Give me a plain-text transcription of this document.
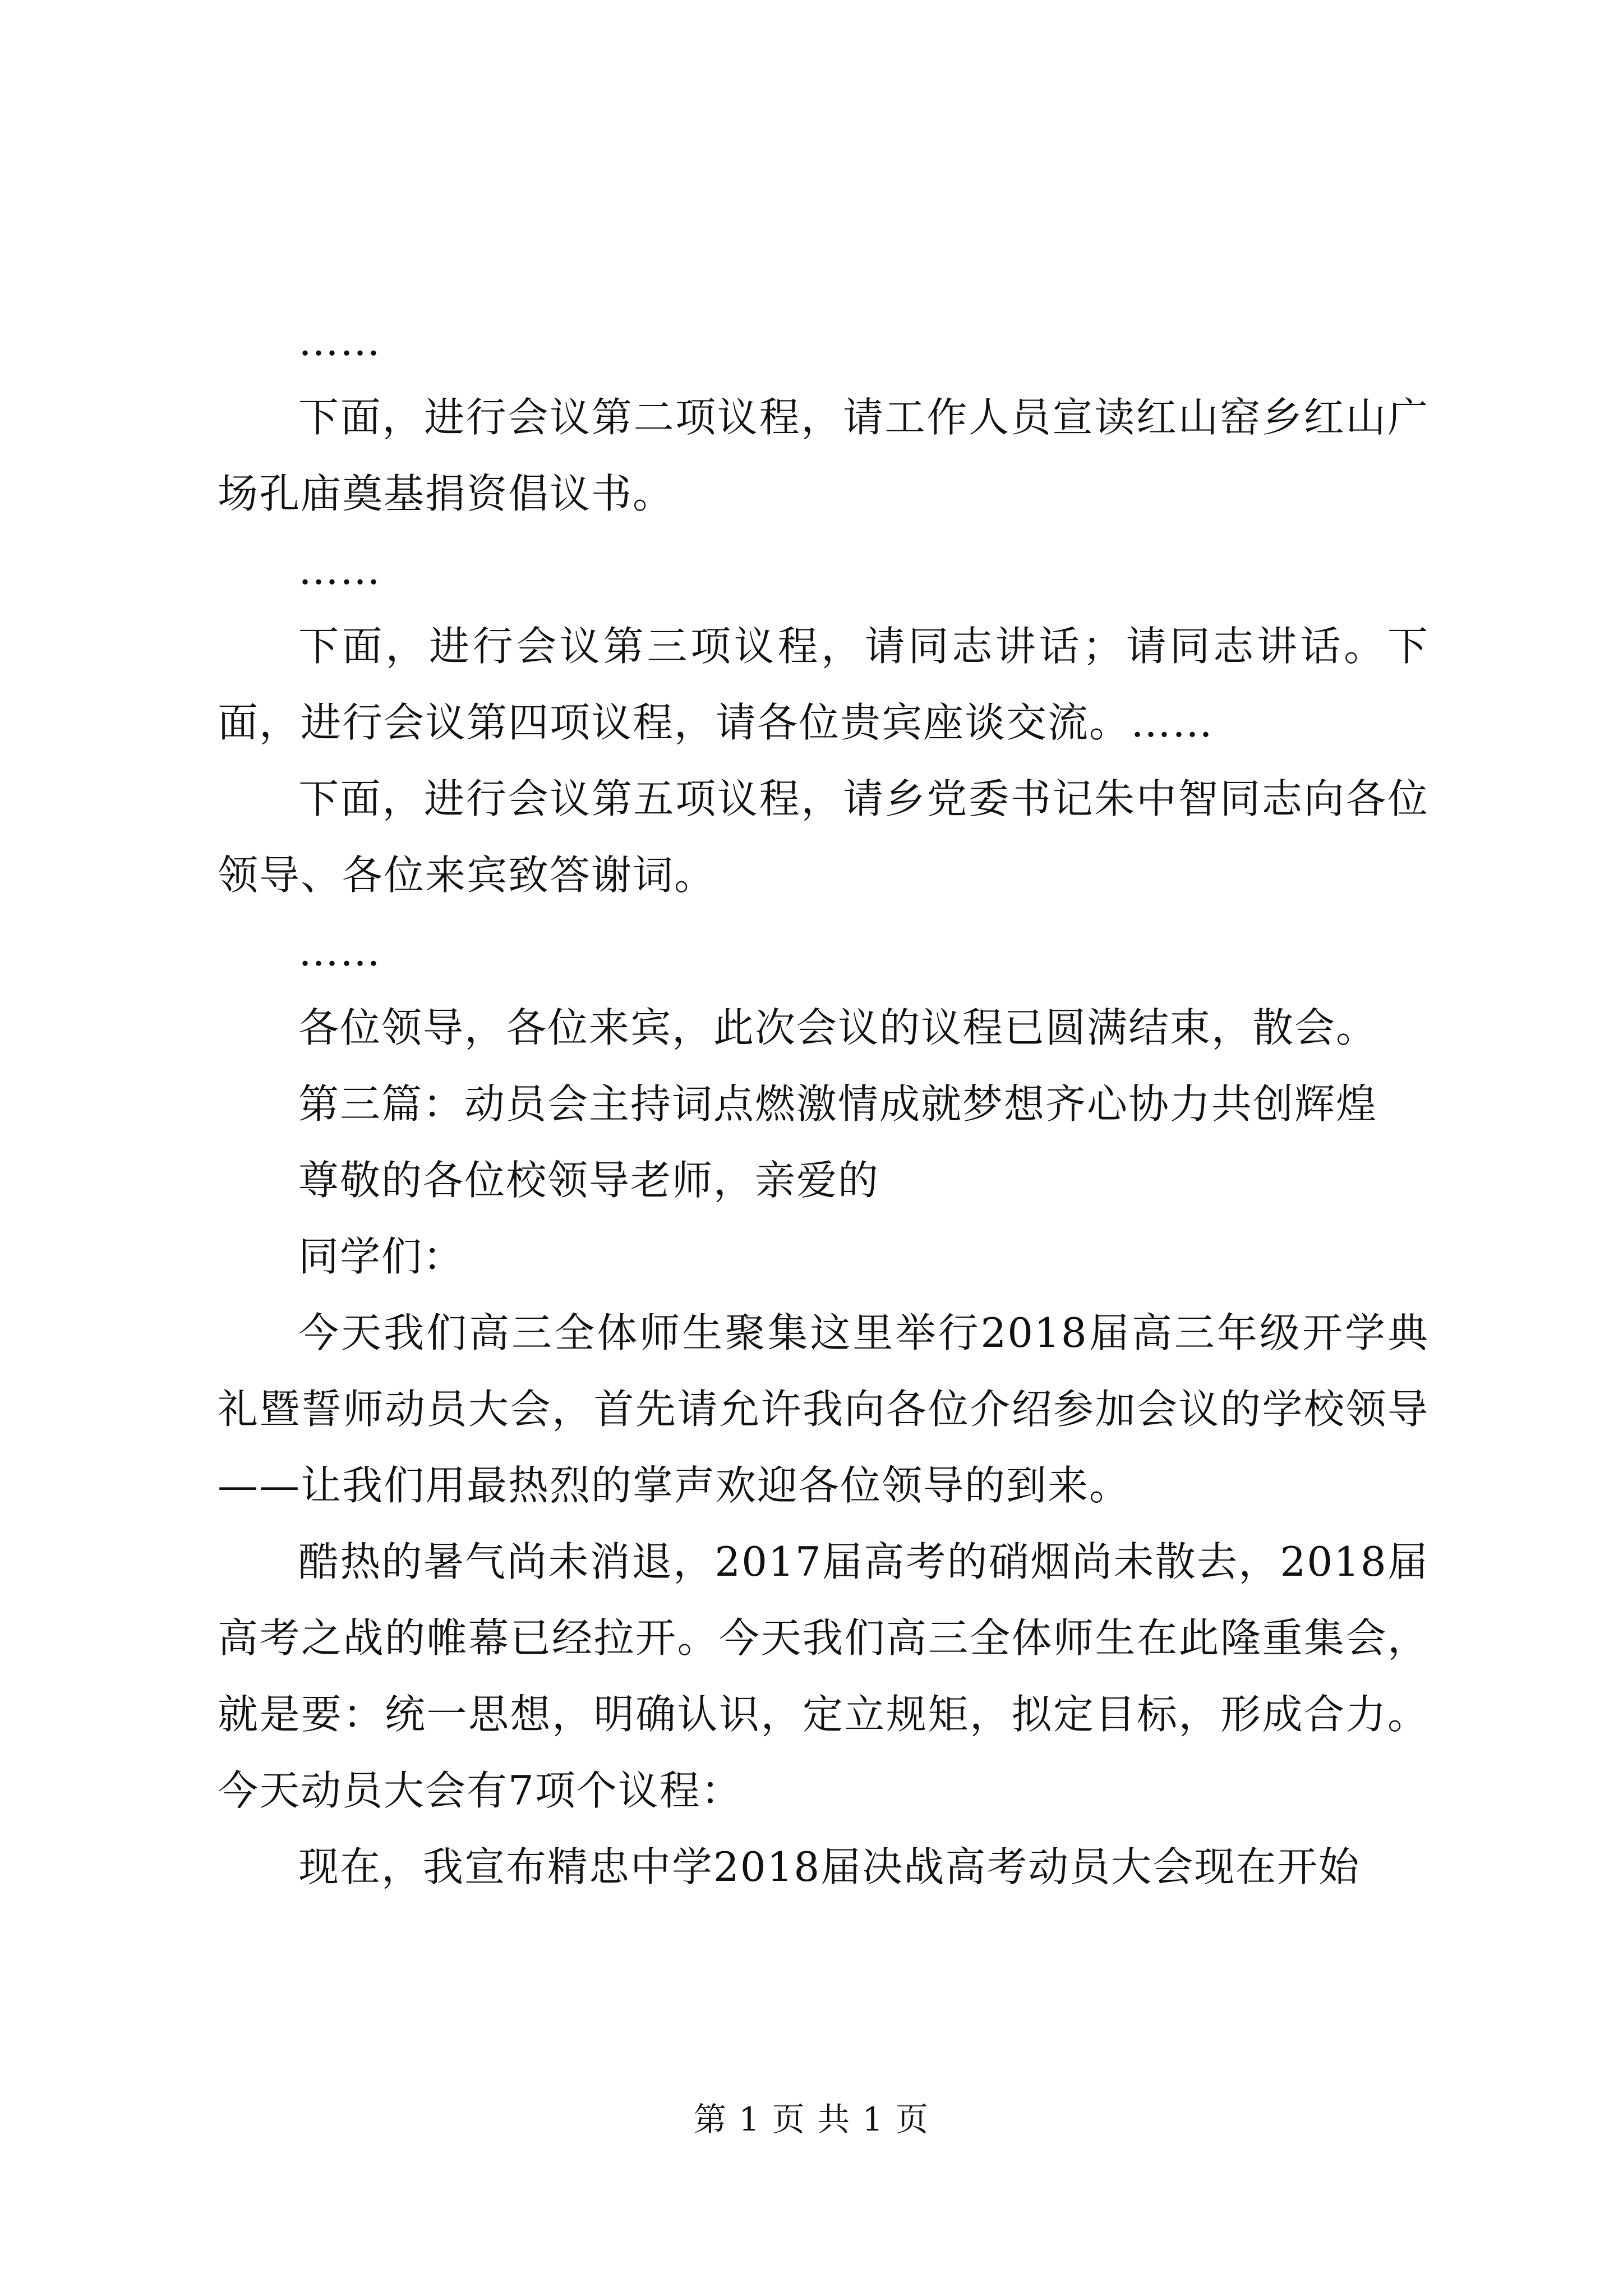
……

下面，进行会议第二项议程，请工作人员宣读红山窑乡红山广场孔庙奠基捐资倡议书。

……

下面，进行会议第三项议程，请同志讲话；请同志讲话。下面，进行会议第四项议程，请各位贵宾座谈交流。……

下面，进行会议第五项议程，请乡党委书记朱中智同志向各位领导、各位来宾致答谢词。

……

各位领导，各位来宾，此次会议的议程已圆满结束，散会。

第三篇：动员会主持词点燃激情成就梦想齐心协力共创辉煌

尊敬的各位校领导老师，亲爱的

同学们：

今天我们高三全体师生聚集这里举行2018届高三年级开学典礼暨誓师动员大会，首先请允许我向各位介绍参加会议的学校领导——让我们用最热烈的掌声欢迎各位领导的到来。

酷热的暑气尚未消退，2017届高考的硝烟尚未散去，2018届高考之战的帷幕已经拉开。今天我们高三全体师生在此隆重集会，就是要：统一思想，明确认识，定立规矩，拟定目标，形成合力。今天动员大会有7项个议程：

现在，我宣布精忠中学2018届决战高考动员大会现在开始

第 1 页 共 1 页
